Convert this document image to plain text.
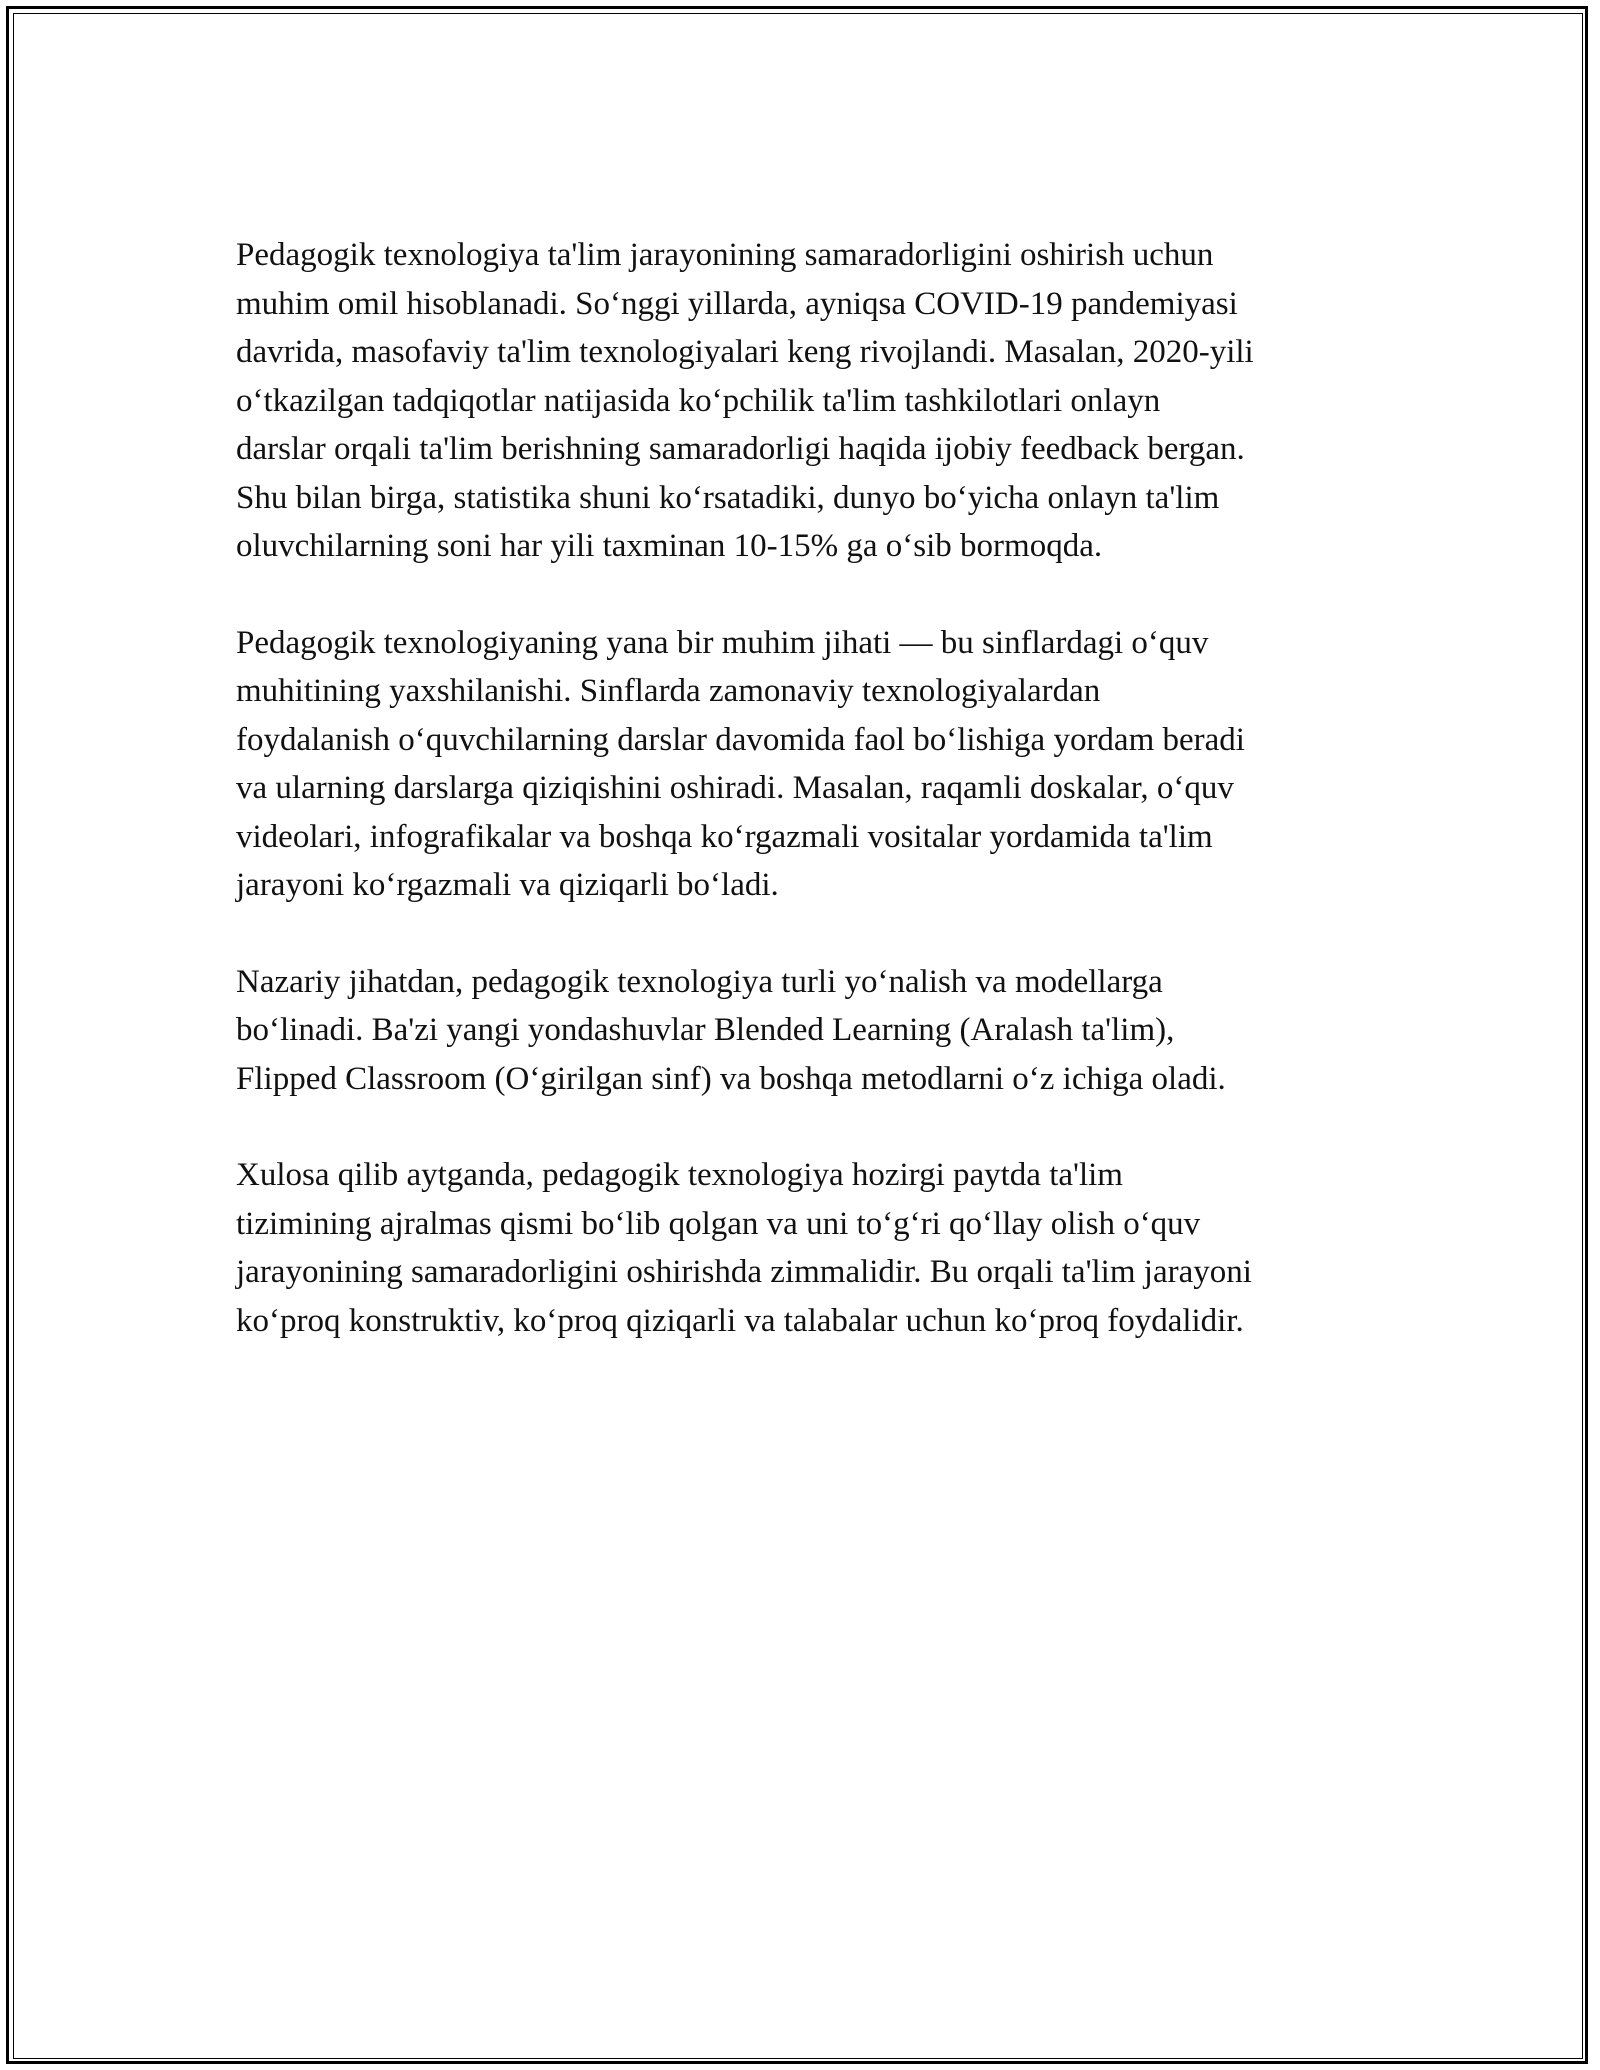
Pedagogik texnologiya ta'lim jarayonining samaradorligini oshirish uchun
muhim omil hisoblanadi. So‘nggi yillarda, ayniqsa COVID-19 pandemiyasi
davrida, masofaviy ta'lim texnologiyalari keng rivojlandi. Masalan, 2020-yili
o‘tkazilgan tadqiqotlar natijasida ko‘pchilik ta'lim tashkilotlari onlayn
darslar orqali ta'lim berishning samaradorligi haqida ijobiy feedback bergan.
Shu bilan birga, statistika shuni ko‘rsatadiki, dunyo bo‘yicha onlayn ta'lim
oluvchilarning soni har yili taxminan 10-15% ga o‘sib bormoqda.

Pedagogik texnologiyaning yana bir muhim jihati — bu sinflardagi o‘quv
muhitining yaxshilanishi. Sinflarda zamonaviy texnologiyalardan
foydalanish o‘quvchilarning darslar davomida faol bo‘lishiga yordam beradi
va ularning darslarga qiziqishini oshiradi. Masalan, raqamli doskalar, o‘quv
videolari, infografikalar va boshqa ko‘rgazmali vositalar yordamida ta'lim
jarayoni ko‘rgazmali va qiziqarli bo‘ladi.

Nazariy jihatdan, pedagogik texnologiya turli yo‘nalish va modellarga
bo‘linadi. Ba'zi yangi yondashuvlar Blended Learning (Aralash ta'lim),
Flipped Classroom (O‘girilgan sinf) va boshqa metodlarni o‘z ichiga oladi.

Xulosa qilib aytganda, pedagogik texnologiya hozirgi paytda ta'lim
tizimining ajralmas qismi bo‘lib qolgan va uni to‘g‘ri qo‘llay olish o‘quv
jarayonining samaradorligini oshirishda zimmalidir. Bu orqali ta'lim jarayoni
ko‘proq konstruktiv, ko‘proq qiziqarli va talabalar uchun ko‘proq foydalidir.
